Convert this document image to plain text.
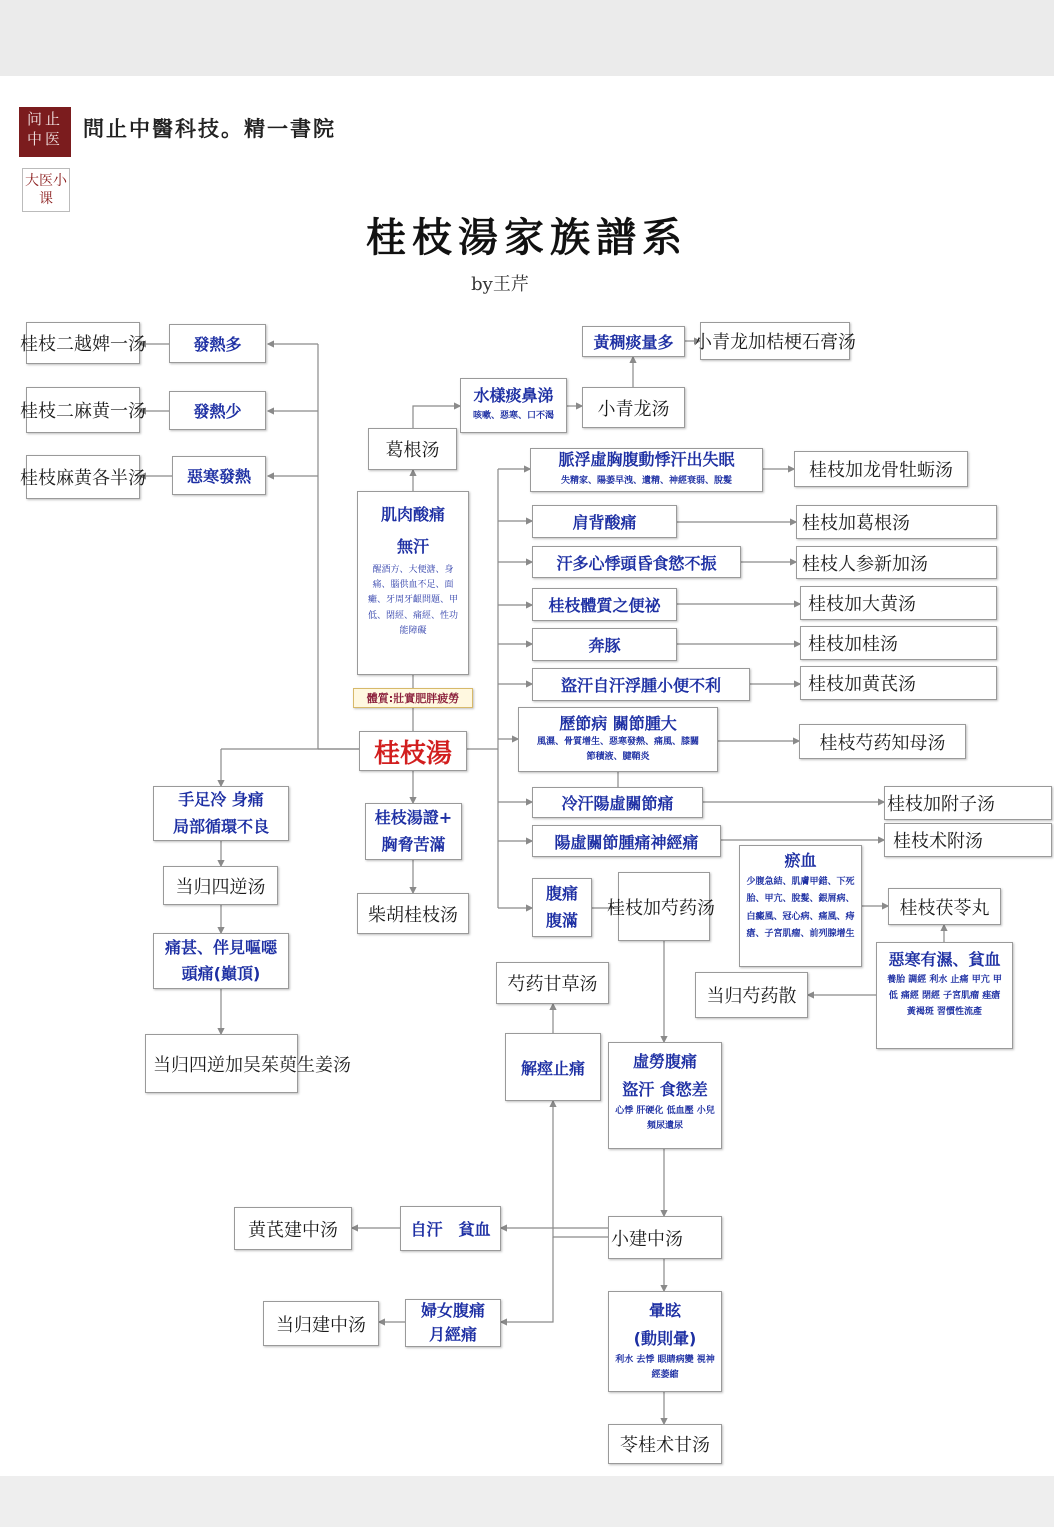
问止中医
大医小课
問止中醫科技。精一書院
桂枝湯家族譜系
by王芹
桂枝二越婢一汤	發熱多
桂枝二麻黄一汤	發熱少
桂枝麻黄各半汤	惡寒發熱
葛根汤
水樣痰鼻涕
咳嗽、惡寒、口不渴	小青龙汤
黃稠痰量多	小青龙加桔梗石膏汤
肌肉酸痛
無汗
醒酒方、大便溏、身痛、腦供血不足、面癱、牙周牙齦問題、甲低、閉經、痛經、性功能障礙
體質:壯實肥胖疲勞
桂枝湯
脈浮虛胸腹動悸汗出失眠
失精家、陽萎早洩、遺精、神經衰弱、脫髮	桂枝加龙骨牡蛎汤
肩背酸痛	桂枝加葛根汤
汗多心悸頭昏食慾不振	桂枝人参新加汤
桂枝體質之便祕	桂枝加大黄汤
奔豚	桂枝加桂汤
盜汗自汗浮腫小便不利	桂枝加黄芪汤
歷節病 關節腫大
風濕、骨質增生、惡寒發熱、痛風、膝關節積液、腱鞘炎
桂枝芍药知母汤
冷汗陽虛關節痛	桂枝加附子汤
陽虛關節腫痛神經痛	桂枝术附汤
腹痛
腹滿
桂枝加芍药汤
瘀血
少腹急結、肌膚甲錯、下死胎、甲亢、脫髮、銀屑病、白癜風、冠心病、痛風、痔瘡、子宮肌瘤、前列腺增生
桂枝茯苓丸
惡寒有濕、貧血
養胎 調經 利水 止痛 甲亢 甲低 痛經 閉經 子宮肌瘤 痤瘡 黃褐斑 習慣性流產
当归芍药散
手足冷 身痛
局部循環不良
当归四逆汤
痛甚、伴見嘔噁
頭痛(巔頂)
当归四逆加吴茱萸生姜汤
桂枝湯證+
胸脅苦滿
柴胡桂枝汤
芍药甘草汤
解痙止痛	虛勞腹痛
盜汗 食慾差
心悸 肝硬化 低血壓 小兒頻尿遺尿
小建中汤
自汗　貧血
黄芪建中汤
婦女腹痛
月經痛
当归建中汤
暈眩
(動則暈)
利水 去悸 眼睛病變 視神經萎縮
苓桂术甘汤
